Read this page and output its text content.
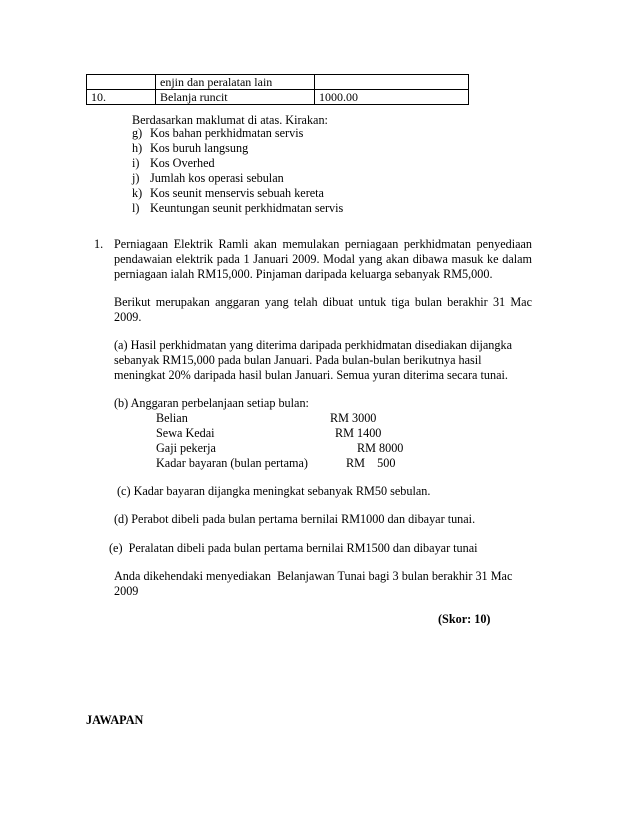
	enjin dan peralatan lain	
10.	Belanja runcit	1000.00
Berdasarkan maklumat di atas. Kirakan:
g) Kos bahan perkhidmatan servis
h) Kos buruh langsung
i) Kos Overhed
j) Jumlah kos operasi sebulan
k) Kos seunit menservis sebuah kereta
l) Keuntungan seunit perkhidmatan servis
1. Perniagaan Elektrik Ramli akan memulakan perniagaan perkhidmatan penyediaan
pendawaian elektrik pada 1 Januari 2009. Modal yang akan dibawa masuk ke dalam
perniagaan ialah RM15,000. Pinjaman daripada keluarga sebanyak RM5,000.
Berikut merupakan anggaran yang telah dibuat untuk tiga bulan berakhir 31 Mac
2009.
(a) Hasil perkhidmatan yang diterima daripada perkhidmatan disediakan dijangka
sebanyak RM15,000 pada bulan Januari. Pada bulan-bulan berikutnya hasil
meningkat 20% daripada hasil bulan Januari. Semua yuran diterima secara tunai.
(b) Anggaran perbelanjaan setiap bulan:
Belian	RM 3000
Sewa Kedai	RM 1400
Gaji pekerja	RM 8000
Kadar bayaran (bulan pertama)	RM    500
(c) Kadar bayaran dijangka meningkat sebanyak RM50 sebulan.
(d) Perabot dibeli pada bulan pertama bernilai RM1000 dan dibayar tunai.
(e)  Peralatan dibeli pada bulan pertama bernilai RM1500 dan dibayar tunai
Anda dikehendaki menyediakan  Belanjawan Tunai bagi 3 bulan berakhir 31 Mac
2009
(Skor: 10)
JAWAPAN
